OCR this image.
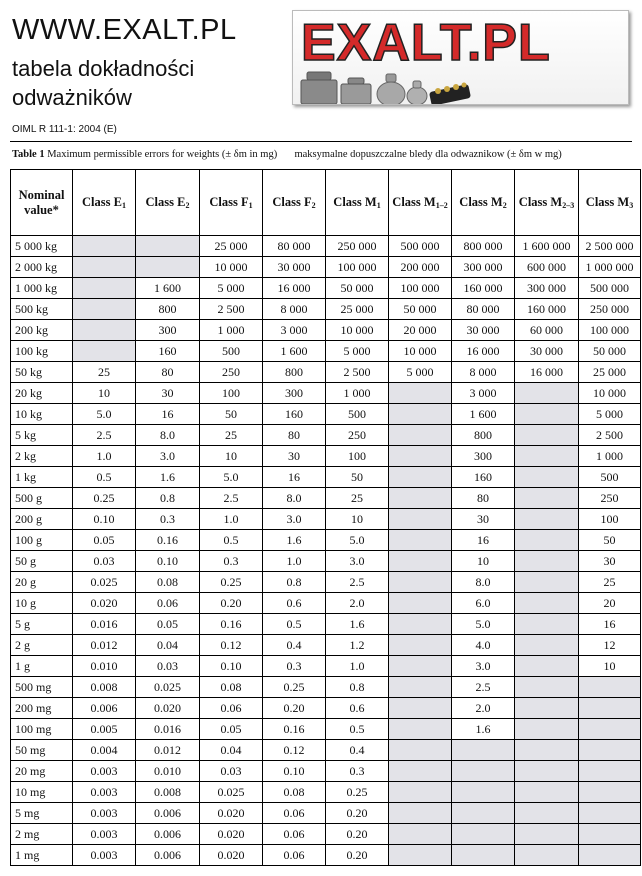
WWW.EXALT.PL
tabela dokładności
odważników
EXALT.PL
OIML R 111-1: 2004 (E)
Table 1 Maximum permissible errors for weights (± δm in mg) maksymalne dopuszczalne bledy dla odwaznikow (± δm w mg)
Nominal
value*	Class $E_1$	Class $E_2$	Class $F_1$	Class $F_2$	Class $M_1$	Class $M_{1-2}$	Class $M_2$	Class $M_{2-3}$	Class $M_3$
5 000 kg			25 000	80 000	250 000	500 000	800 000	1 600 000	2 500 000
2 000 kg			10 000	30 000	100 000	200 000	300 000	600 000	1 000 000
1 000 kg		1 600	5 000	16 000	50 000	100 000	160 000	300 000	500 000
500 kg		800	2 500	8 000	25 000	50 000	80 000	160 000	250 000
200 kg		300	1 000	3 000	10 000	20 000	30 000	60 000	100 000
100 kg		160	500	1 600	5 000	10 000	16 000	30 000	50 000
50 kg	25	80	250	800	2 500	5 000	8 000	16 000	25 000
20 kg	10	30	100	300	1 000		3 000		10 000
10 kg	5.0	16	50	160	500		1 600		5 000
5 kg	2.5	8.0	25	80	250		800		2 500
2 kg	1.0	3.0	10	30	100		300		1 000
1 kg	0.5	1.6	5.0	16	50		160		500
500 g	0.25	0.8	2.5	8.0	25		80		250
200 g	0.10	0.3	1.0	3.0	10		30		100
100 g	0.05	0.16	0.5	1.6	5.0		16		50
50 g	0.03	0.10	0.3	1.0	3.0		10		30
20 g	0.025	0.08	0.25	0.8	2.5		8.0		25
10 g	0.020	0.06	0.20	0.6	2.0		6.0		20
5 g	0.016	0.05	0.16	0.5	1.6		5.0		16
2 g	0.012	0.04	0.12	0.4	1.2		4.0		12
1 g	0.010	0.03	0.10	0.3	1.0		3.0		10
500 mg	0.008	0.025	0.08	0.25	0.8		2.5		
200 mg	0.006	0.020	0.06	0.20	0.6		2.0		
100 mg	0.005	0.016	0.05	0.16	0.5		1.6		
50 mg	0.004	0.012	0.04	0.12	0.4				
20 mg	0.003	0.010	0.03	0.10	0.3				
10 mg	0.003	0.008	0.025	0.08	0.25				
5 mg	0.003	0.006	0.020	0.06	0.20				
2 mg	0.003	0.006	0.020	0.06	0.20				
1 mg	0.003	0.006	0.020	0.06	0.20				
